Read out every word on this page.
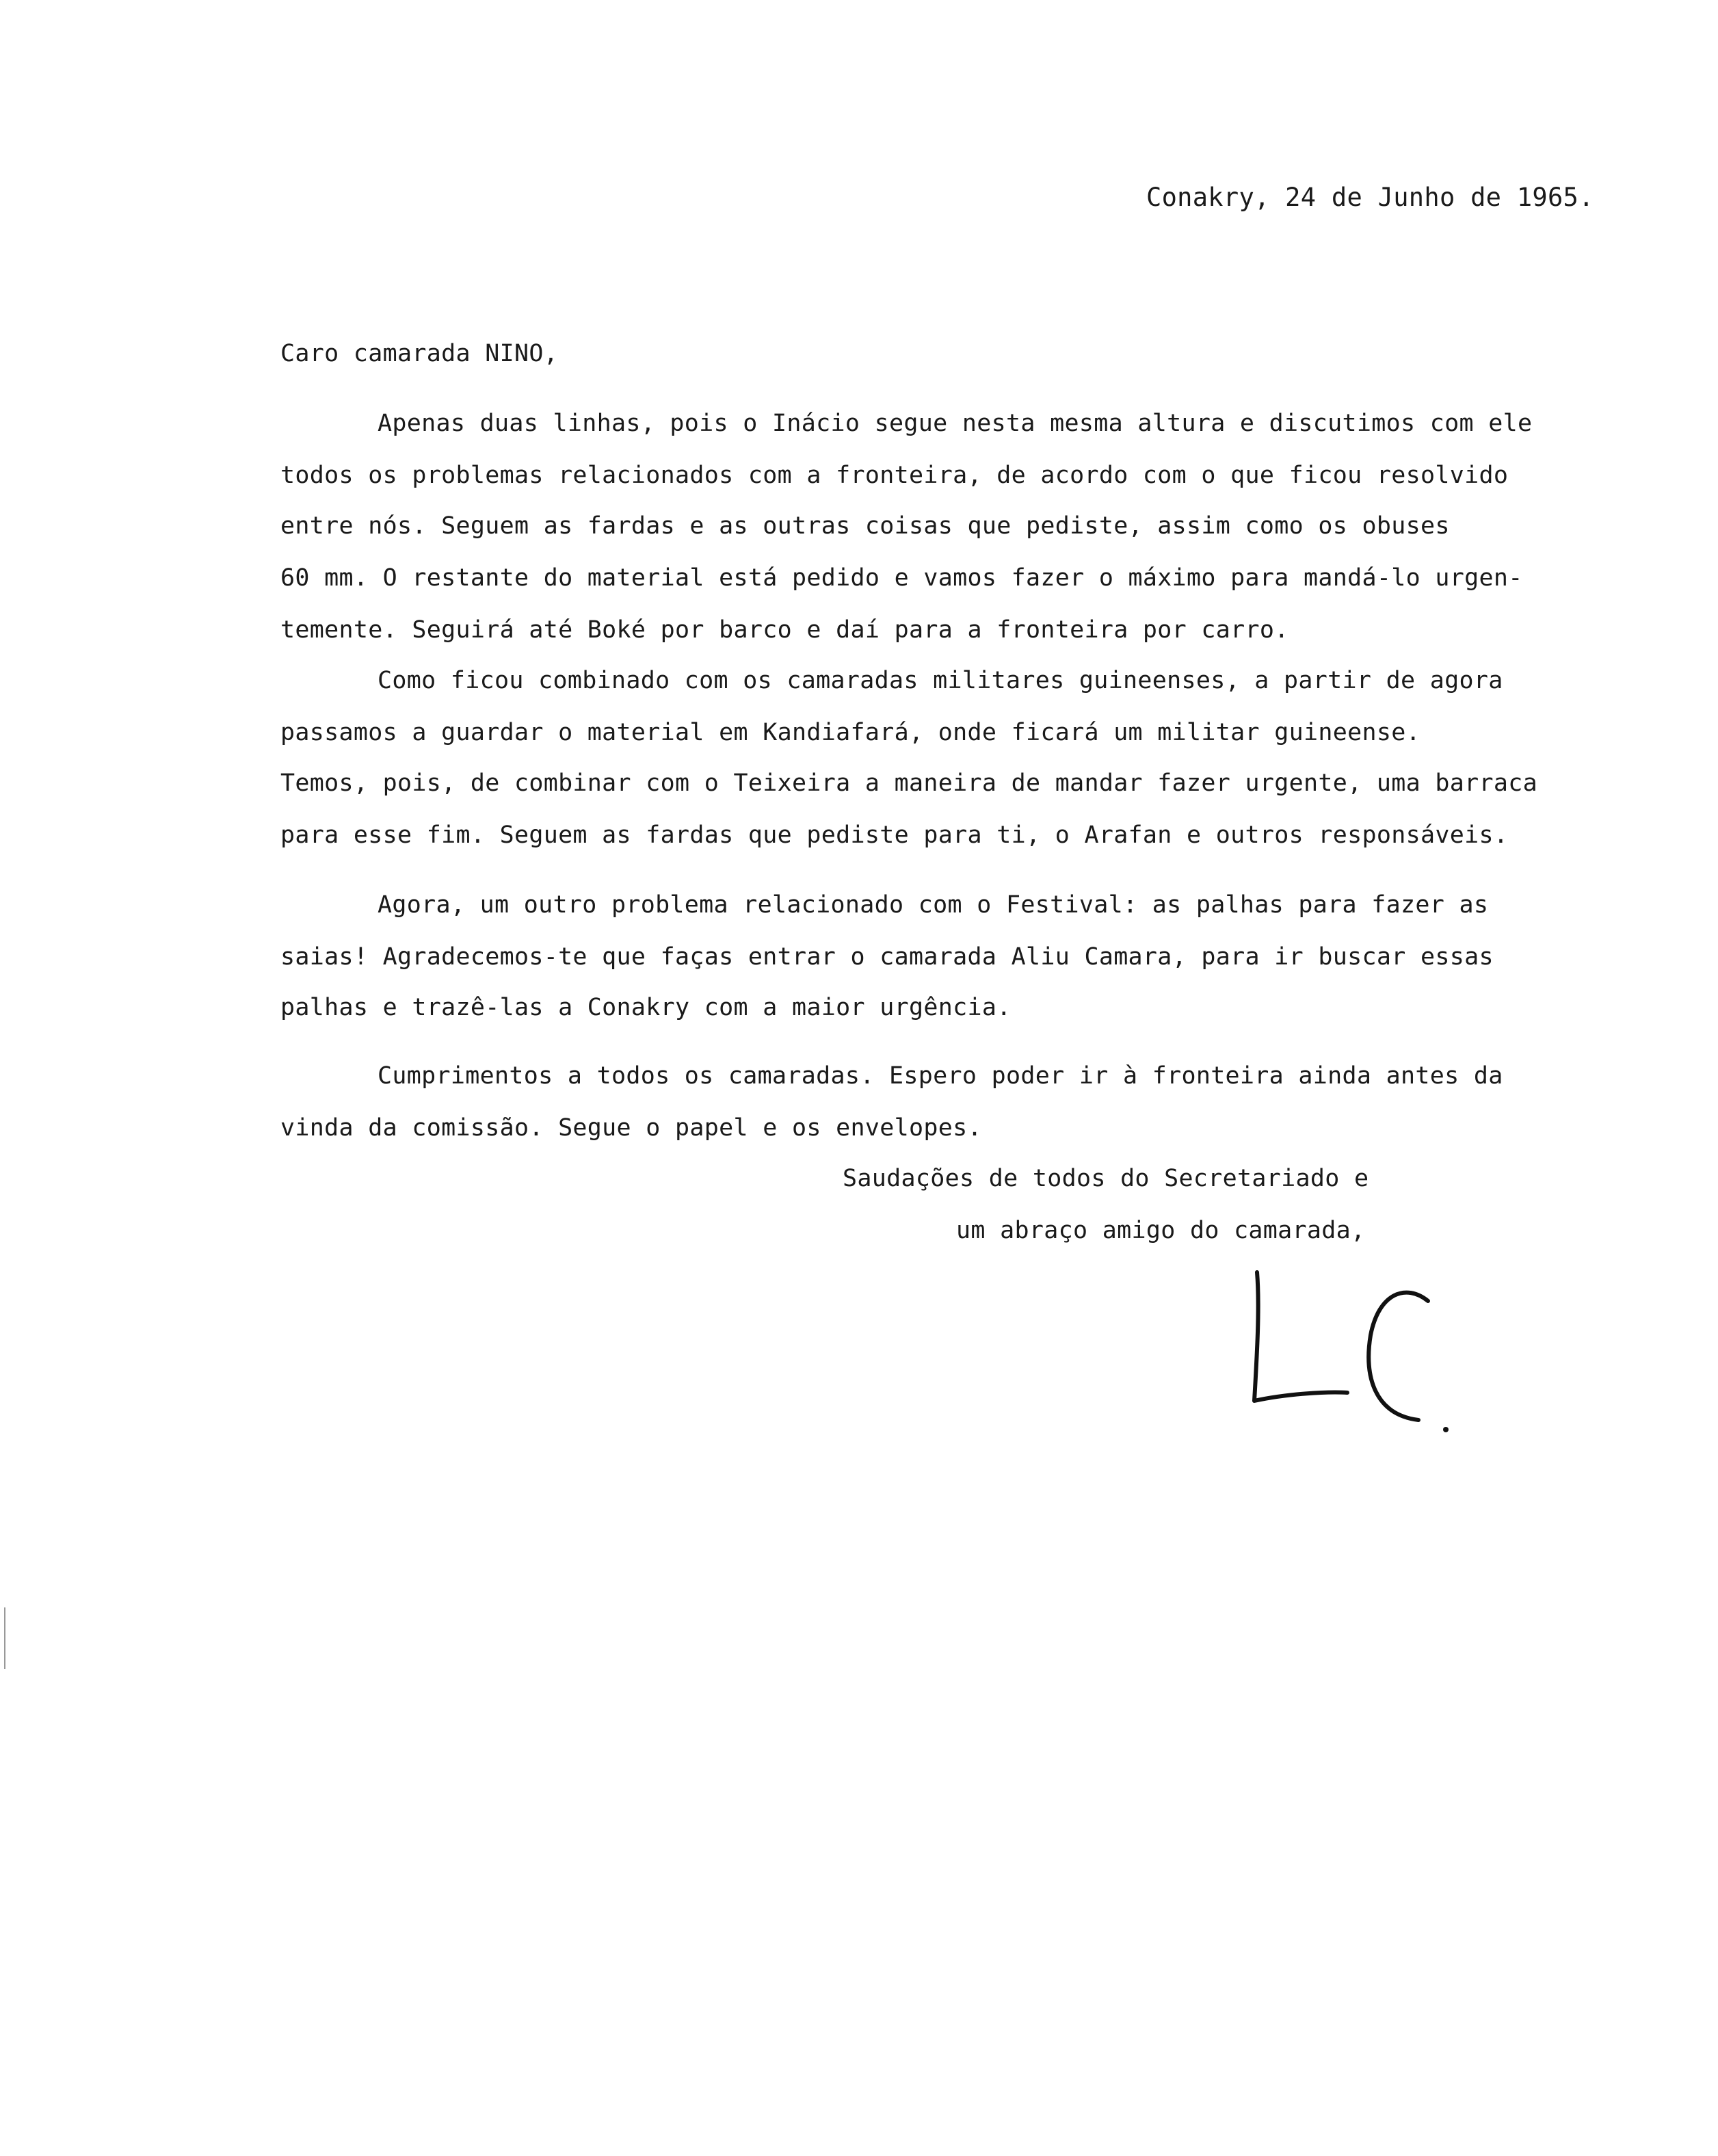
Conakry, 24 de Junho de 1965.
Caro camarada NINO,
Apenas duas linhas, pois o Inácio segue nesta mesma altura e discutimos com ele
todos os problemas relacionados com a fronteira, de acordo com o que ficou resolvido
entre nós. Seguem as fardas e as outras coisas que pediste, assim como os obuses
60 mm. O restante do material está pedido e vamos fazer o máximo para mandá-lo urgen-
temente. Seguirá até Boké por barco e daí para a fronteira por carro.
Como ficou combinado com os camaradas militares guineenses, a partir de agora
passamos a guardar o material em Kandiafará, onde ficará um militar guineense.
Temos, pois, de combinar com o Teixeira a maneira de mandar fazer urgente, uma barraca
para esse fim. Seguem as fardas que pediste para ti, o Arafan e outros responsáveis.
Agora, um outro problema relacionado com o Festival: as palhas para fazer as
saias! Agradecemos-te que faças entrar o camarada Aliu Camara, para ir buscar essas
palhas e trazê-las a Conakry com a maior urgência.
Cumprimentos a todos os camaradas. Espero poder ir à fronteira ainda antes da
vinda da comissão. Segue o papel e os envelopes.
Saudações de todos do Secretariado e
um abraço amigo do camarada,
